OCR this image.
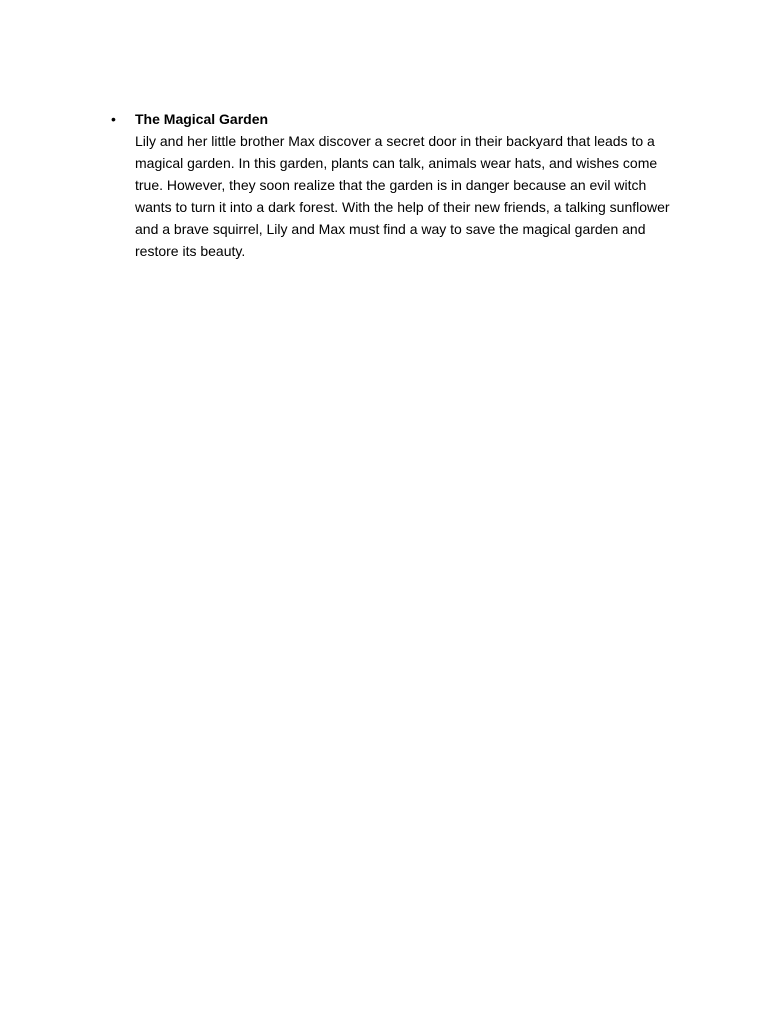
•	The Magical Garden
Lily and her little brother Max discover a secret door in their backyard that leads to a magical garden. In this garden, plants can talk, animals wear hats, and wishes come true. However, they soon realize that the garden is in danger because an evil witch wants to turn it into a dark forest. With the help of their new friends, a talking sunflower and a brave squirrel, Lily and Max must find a way to save the magical garden and restore its beauty.
